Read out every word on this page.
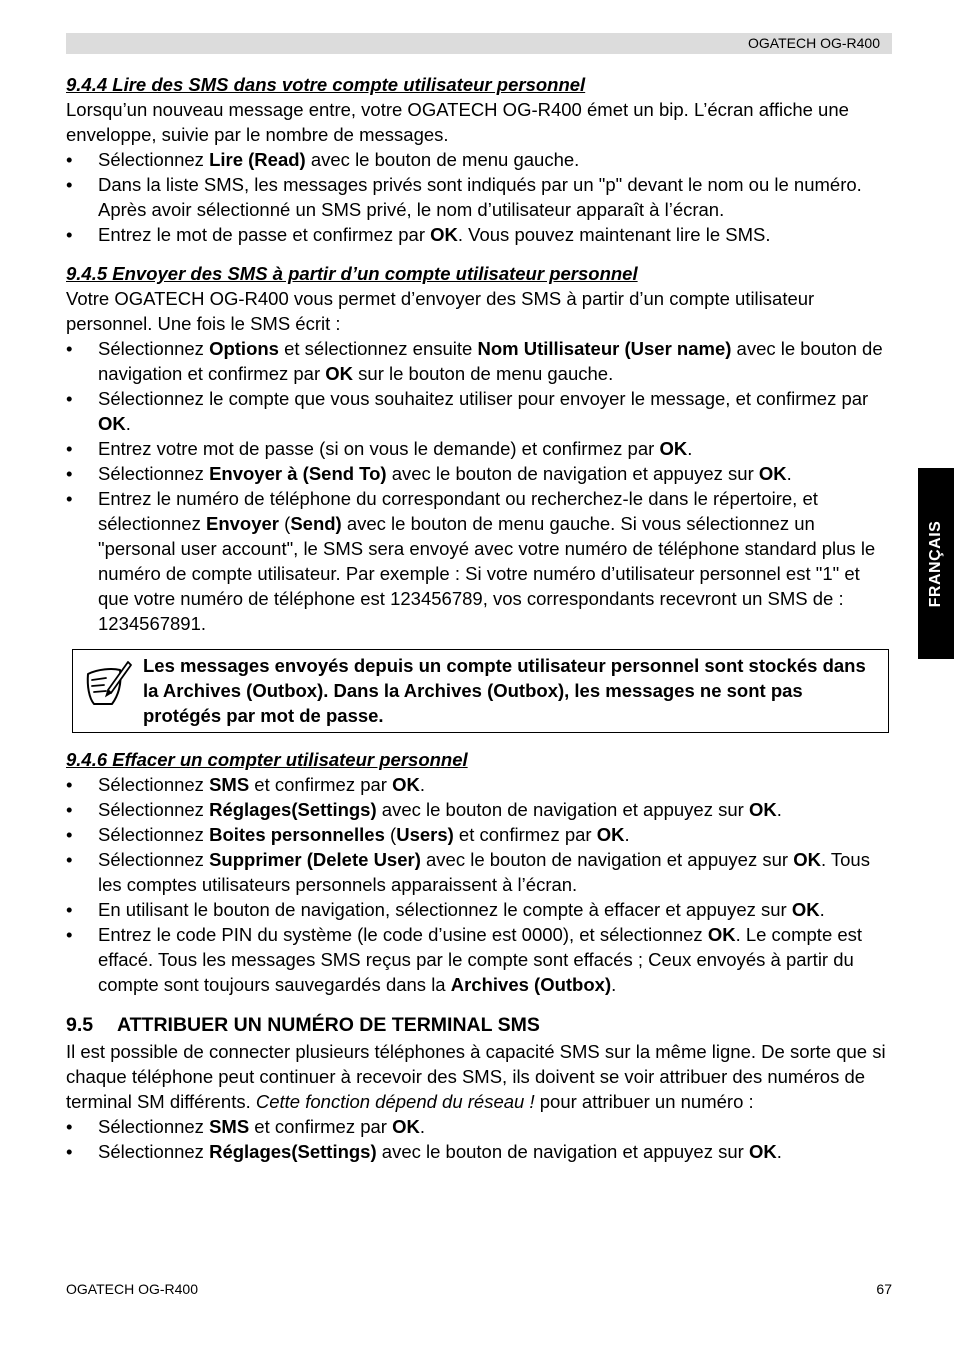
OGATECH OG-R400
FRANÇAIS
9.4.4 Lire des SMS dans votre compte utilisateur personnel

Lorsqu’un nouveau message entre, votre OGATECH OG-R400 émet un bip. L’écran affiche une enveloppe, suivie par le nombre de messages.

• Sélectionnez Lire (Read) avec le bouton de menu gauche.
• Dans la liste SMS, les messages privés sont indiqués par un "p" devant le nom ou le numéro. Après avoir sélectionné un SMS privé, le nom d’utilisateur apparaît à l’écran.
• Entrez le mot de passe et confirmez par OK. Vous pouvez maintenant lire le SMS.
9.4.5 Envoyer des SMS à partir d’un compte utilisateur personnel

Votre OGATECH OG-R400 vous permet d’envoyer des SMS à partir d’un compte utilisateur personnel. Une fois le SMS écrit :

• Sélectionnez Options et sélectionnez ensuite Nom Utillisateur (User name) avec le bouton de navigation et confirmez par OK sur le bouton de menu gauche.
• Sélectionnez le compte que vous souhaitez utiliser pour envoyer le message, et confirmez par OK.
• Entrez votre mot de passe (si on vous le demande) et confirmez par OK.
• Sélectionnez Envoyer à (Send To) avec le bouton de navigation et appuyez sur OK.
• Entrez le numéro de téléphone du correspondant ou recherchez-le dans le répertoire, et sélectionnez Envoyer (Send) avec le bouton de menu gauche. Si vous sélectionnez un "personal user account", le SMS sera envoyé avec votre numéro de téléphone standard plus le numéro de compte utilisateur. Par exemple : Si votre numéro d’utilisateur personnel est "1" et que votre numéro de téléphone est 123456789, vos correspondants recevront un SMS de : 1234567891.
Les messages envoyés depuis un compte utilisateur personnel sont stockés dans la Archives (Outbox). Dans la Archives (Outbox), les messages ne sont pas protégés par mot de passe.
9.4.6 Effacer un compter utilisateur personnel
• Sélectionnez SMS et confirmez par OK.
• Sélectionnez Réglages(Settings) avec le bouton de navigation et appuyez sur OK.
• Sélectionnez Boites personnelles (Users) et confirmez par OK.
• Sélectionnez Supprimer (Delete User) avec le bouton de navigation et appuyez sur OK. Tous les comptes utilisateurs personnels apparaissent à l’écran.
• En utilisant le bouton de navigation, sélectionnez le compte à effacer et appuyez sur OK.
• Entrez le code PIN du système (le code d’usine est 0000), et sélectionnez OK. Le compte est effacé. Tous les messages SMS reçus par le compte sont effacés ; Ceux envoyés à partir du compte sont toujours sauvegardés dans la Archives (Outbox).
9.5 ATTRIBUER UN NUMÉRO DE TERMINAL SMS

Il est possible de connecter plusieurs téléphones à capacité SMS sur la même ligne. De sorte que si chaque téléphone peut continuer à recevoir des SMS, ils doivent se voir attribuer des numéros de terminal SM différents. Cette fonction dépend du réseau ! pour attribuer un numéro :

• Sélectionnez SMS et confirmez par OK.
• Sélectionnez Réglages(Settings) avec le bouton de navigation et appuyez sur OK.
OGATECH OG-R400	67
